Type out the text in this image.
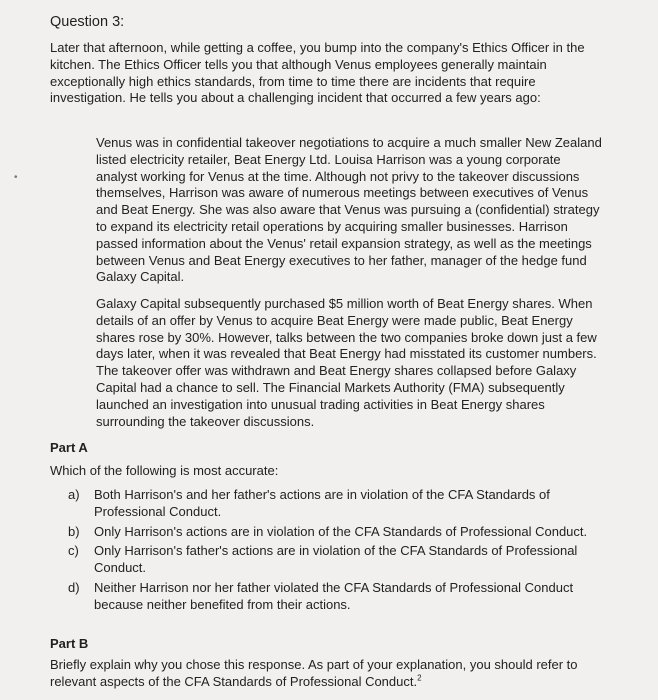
Question 3:
Later that afternoon, while getting a coffee, you bump into the company's Ethics Officer in the kitchen. The Ethics Officer tells you that although Venus employees generally maintain exceptionally high ethics standards, from time to time there are incidents that require investigation. He tells you about a challenging incident that occurred a few years ago:
•
Venus was in confidential takeover negotiations to acquire a much smaller New Zealand listed electricity retailer, Beat Energy Ltd. Louisa Harrison was a young corporate analyst working for Venus at the time. Although not privy to the takeover discussions themselves, Harrison was aware of numerous meetings between executives of Venus and Beat Energy. She was also aware that Venus was pursuing a (confidential) strategy to expand its electricity retail operations by acquiring smaller businesses. Harrison passed information about the Venus' retail expansion strategy, as well as the meetings between Venus and Beat Energy executives to her father, manager of the hedge fund Galaxy Capital.
Galaxy Capital subsequently purchased $5 million worth of Beat Energy shares. When details of an offer by Venus to acquire Beat Energy were made public, Beat Energy shares rose by 30%. However, talks between the two companies broke down just a few days later, when it was revealed that Beat Energy had misstated its customer numbers. The takeover offer was withdrawn and Beat Energy shares collapsed before Galaxy Capital had a chance to sell. The Financial Markets Authority (FMA) subsequently launched an investigation into unusual trading activities in Beat Energy shares surrounding the takeover discussions.
Part A
Which of the following is most accurate:
a)	Both Harrison's and her father's actions are in violation of the CFA Standards of Professional Conduct.
b)	Only Harrison's actions are in violation of the CFA Standards of Professional Conduct.
c)	Only Harrison's father's actions are in violation of the CFA Standards of Professional Conduct.
d)	Neither Harrison nor her father violated the CFA Standards of Professional Conduct because neither benefited from their actions.
Part B
Briefly explain why you chose this response. As part of your explanation, you should refer to relevant aspects of the CFA Standards of Professional Conduct.$^2$
